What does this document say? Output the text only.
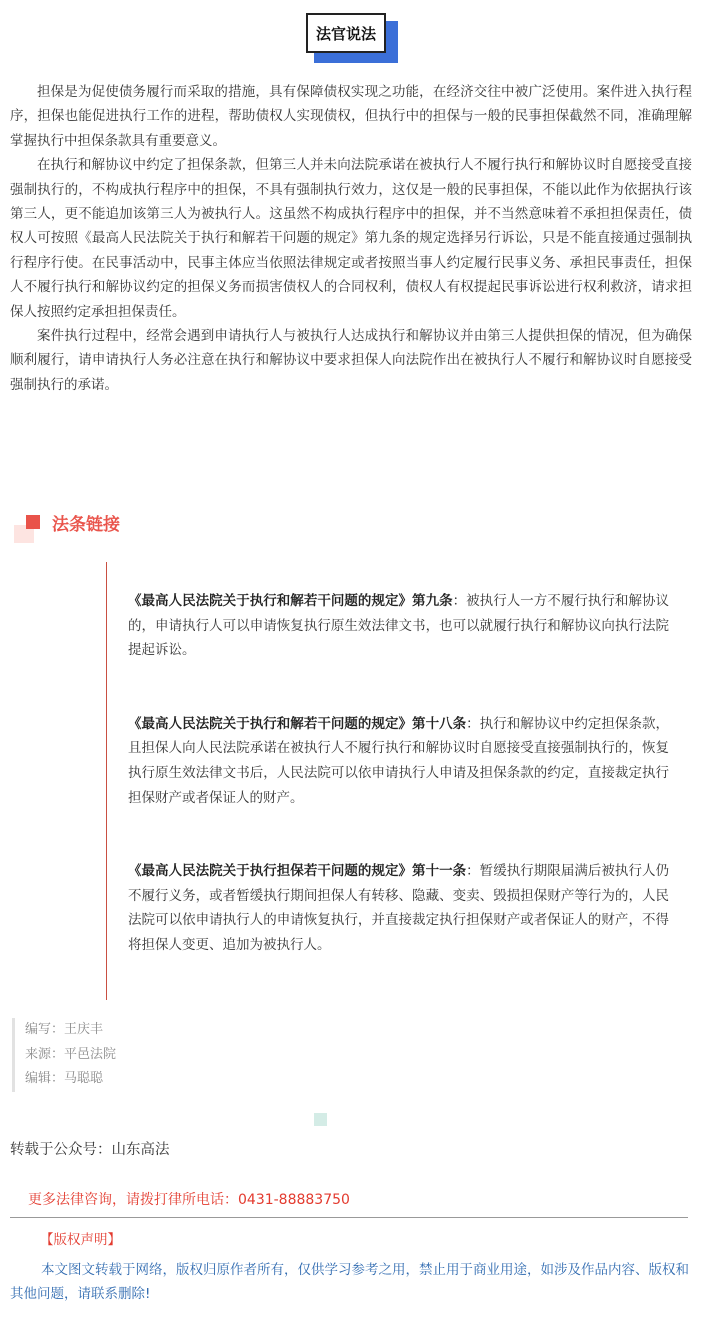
法官说法

担保是为促使债务履行而采取的措施，具有保障债权实现之功能，在经济交往中被广泛使用。案件进入执行程序，担保也能促进执行工作的进程，帮助债权人实现债权，但执行中的担保与一般的民事担保截然不同，准确理解掌握执行中担保条款具有重要意义。

在执行和解协议中约定了担保条款，但第三人并未向法院承诺在被执行人不履行执行和解协议时自愿接受直接强制执行的，不构成执行程序中的担保，不具有强制执行效力，这仅是一般的民事担保，不能以此作为依据执行该第三人，更不能追加该第三人为被执行人。这虽然不构成执行程序中的担保，并不当然意味着不承担担保责任，债权人可按照《最高人民法院关于执行和解若干问题的规定》第九条的规定选择另行诉讼，只是不能直接通过强制执行程序行使。在民事活动中，民事主体应当依照法律规定或者按照当事人约定履行民事义务、承担民事责任，担保人不履行执行和解协议约定的担保义务而损害债权人的合同权利，债权人有权提起民事诉讼进行权利救济，请求担保人按照约定承担担保责任。

案件执行过程中，经常会遇到申请执行人与被执行人达成执行和解协议并由第三人提供担保的情况，但为确保顺利履行，请申请执行人务必注意在执行和解协议中要求担保人向法院作出在被执行人不履行和解协议时自愿接受强制执行的承诺。

法条链接

《最高人民法院关于执行和解若干问题的规定》第九条：被执行人一方不履行执行和解协议的，申请执行人可以申请恢复执行原生效法律文书，也可以就履行执行和解协议向执行法院提起诉讼。

《最高人民法院关于执行和解若干问题的规定》第十八条：执行和解协议中约定担保条款，且担保人向人民法院承诺在被执行人不履行执行和解协议时自愿接受直接强制执行的，恢复执行原生效法律文书后，人民法院可以依申请执行人申请及担保条款的约定，直接裁定执行担保财产或者保证人的财产。

《最高人民法院关于执行担保若干问题的规定》第十一条：暂缓执行期限届满后被执行人仍不履行义务，或者暂缓执行期间担保人有转移、隐藏、变卖、毁损担保财产等行为的，人民法院可以依申请执行人的申请恢复执行，并直接裁定执行担保财产或者保证人的财产，不得将担保人变更、追加为被执行人。

编写：王庆丰
来源：平邑法院
编辑：马聪聪
转载于公众号：山东高法
更多法律咨询，请拨打律所电话：0431-88883750
【版权声明】
本文图文转载于网络，版权归原作者所有，仅供学习参考之用，禁止用于商业用途，如涉及作品内容、版权和其他问题，请联系删除!
